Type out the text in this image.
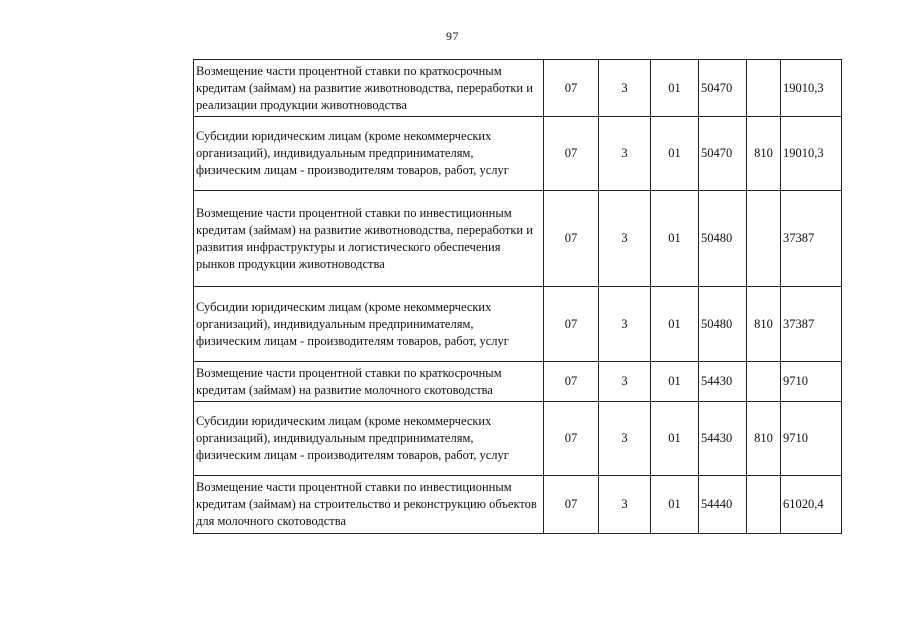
97
Возмещение части процентной ставки по краткосрочным кредитам (займам) на развитие животноводства, переработки и реализации продукции животноводства	07	3	01	50470		19010,3
Субсидии юридическим лицам (кроме некоммерческих организаций), индивидуальным предпринимателям, физическим лицам - производителям товаров, работ, услуг	07	3	01	50470	810	19010,3
Возмещение части процентной ставки по инвестиционным кредитам (займам) на развитие животноводства, переработки и развития инфраструктуры и логистического обеспечения рынков продукции животноводства	07	3	01	50480		37387
Субсидии юридическим лицам (кроме некоммерческих организаций), индивидуальным предпринимателям, физическим лицам - производителям товаров, работ, услуг	07	3	01	50480	810	37387
Возмещение части процентной ставки по краткосрочным кредитам (займам) на развитие молочного скотоводства	07	3	01	54430		9710
Субсидии юридическим лицам (кроме некоммерческих организаций), индивидуальным предпринимателям, физическим лицам - производителям товаров, работ, услуг	07	3	01	54430	810	9710
Возмещение части процентной ставки по инвестиционным кредитам (займам) на строительство и реконструкцию объектов для молочного скотоводства	07	3	01	54440		61020,4
